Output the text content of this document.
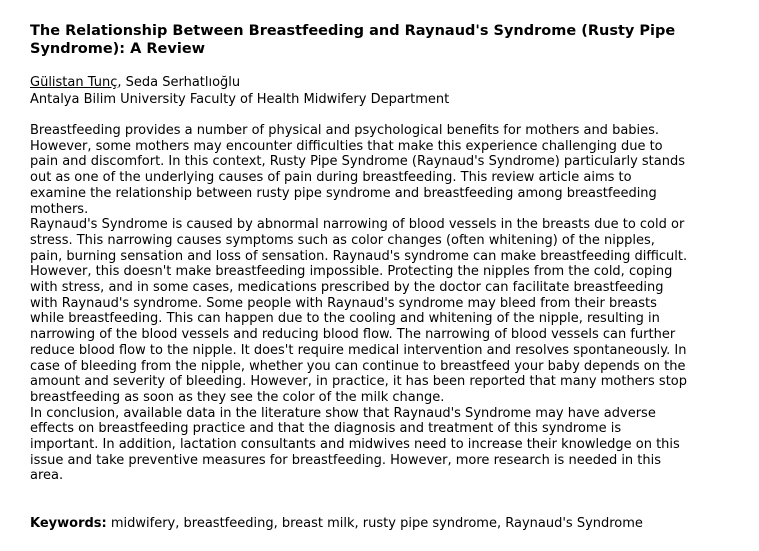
The Relationship Between Breastfeeding and Raynaud's Syndrome (Rusty Pipe Syndrome): A Review
Gülistan Tunç, Seda Serhatlıoğlu
Antalya Bilim University Faculty of Health Midwifery Department

Breastfeeding provides a number of physical and psychological benefits for mothers and babies. However, some mothers may encounter difficulties that make this experience challenging due to pain and discomfort. In this context, Rusty Pipe Syndrome (Raynaud's Syndrome) particularly stands out as one of the underlying causes of pain during breastfeeding. This review article aims to examine the relationship between rusty pipe syndrome and breastfeeding among breastfeeding mothers.

Raynaud's Syndrome is caused by abnormal narrowing of blood vessels in the breasts due to cold or stress. This narrowing causes symptoms such as color changes (often whitening) of the nipples, pain, burning sensation and loss of sensation. Raynaud's syndrome can make breastfeeding difficult. However, this doesn't make breastfeeding impossible. Protecting the nipples from the cold, coping with stress, and in some cases, medications prescribed by the doctor can facilitate breastfeeding with Raynaud's syndrome. Some people with Raynaud's syndrome may bleed from their breasts while breastfeeding. This can happen due to the cooling and whitening of the nipple, resulting in narrowing of the blood vessels and reducing blood flow. The narrowing of blood vessels can further reduce blood flow to the nipple. It does't require medical intervention and resolves spontaneously. In case of bleeding from the nipple, whether you can continue to breastfeed your baby depends on the amount and severity of bleeding. However, in practice, it has been reported that many mothers stop breastfeeding as soon as they see the color of the milk change.

In conclusion, available data in the literature show that Raynaud's Syndrome may have adverse effects on breastfeeding practice and that the diagnosis and treatment of this syndrome is important. In addition, lactation consultants and midwives need to increase their knowledge on this issue and take preventive measures for breastfeeding. However, more research is needed in this area.

Keywords: midwifery, breastfeeding, breast milk, rusty pipe syndrome, Raynaud's Syndrome
